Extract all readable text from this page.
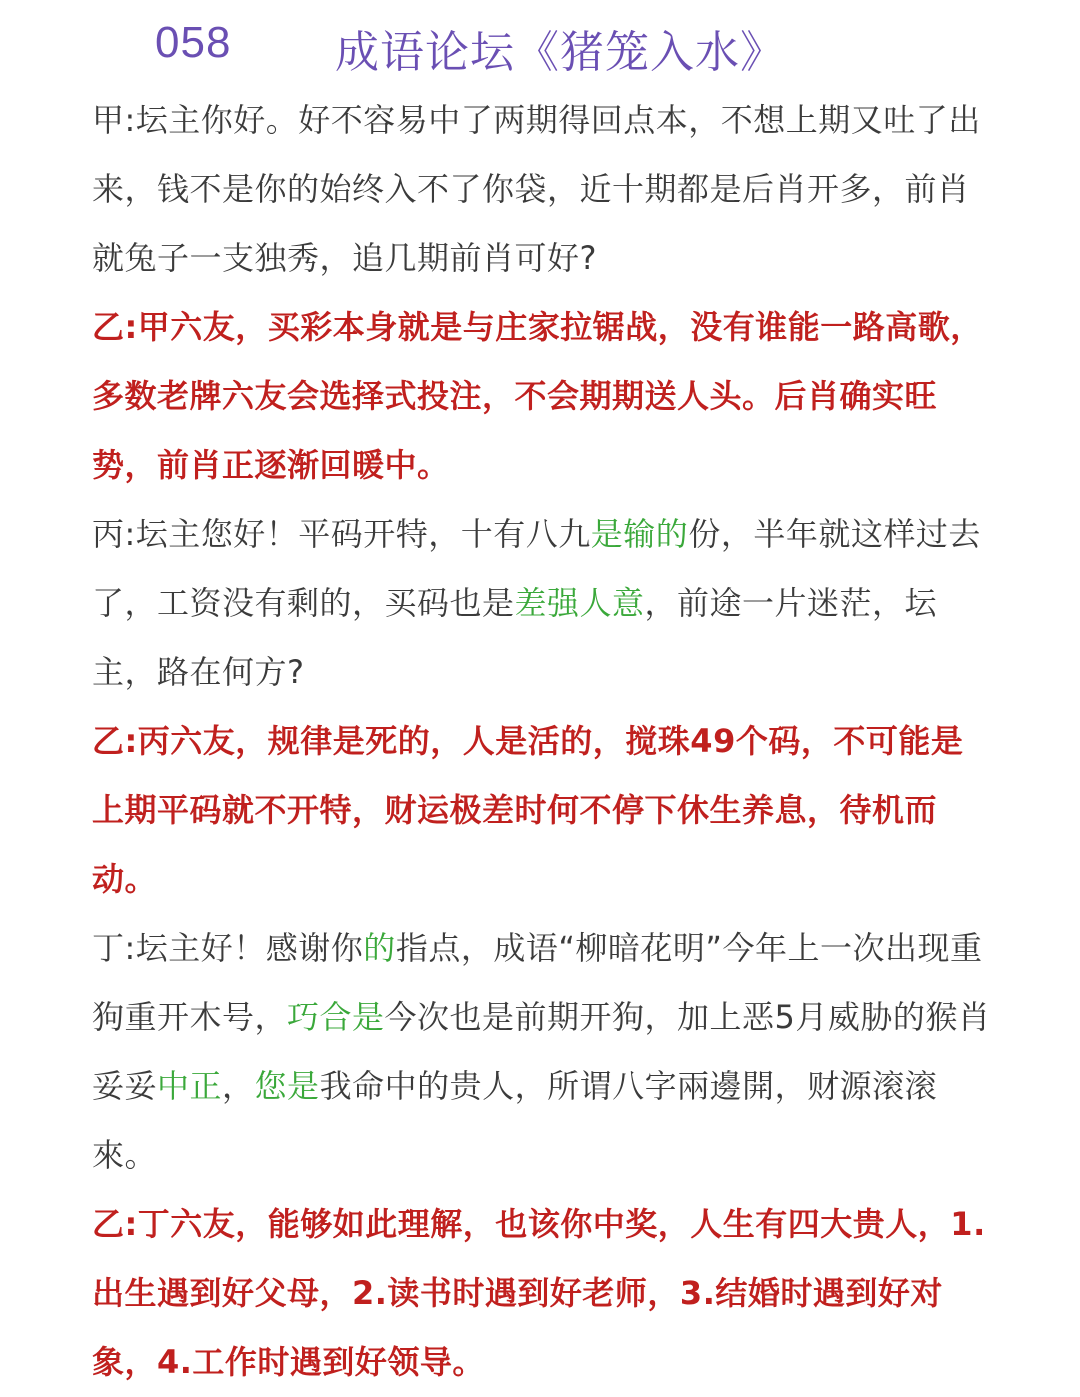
058 成语论坛《猪笼入水》

甲:坛主你好。好不容易中了两期得回点本，不想上期又吐了出来，钱不是你的始终入不了你袋，近十期都是后肖开多，前肖就兔子一支独秀，追几期前肖可好?

乙:甲六友，买彩本身就是与庄家拉锯战，没有谁能一路高歌，多数老牌六友会选择式投注，不会期期送人头。后肖确实旺势，前肖正逐渐回暖中。

丙:坛主您好！平码开特，十有八九是输的份，半年就这样过去了，工资没有剩的，买码也是差强人意，前途一片迷茫，坛主，路在何方?

乙:丙六友，规律是死的，人是活的，搅珠49个码，不可能是上期平码就不开特，财运极差时何不停下休生养息，待机而动。

丁:坛主好！感谢你的指点，成语“柳暗花明”今年上一次出现重狗重开木号，巧合是今次也是前期开狗，加上恶5月威胁的猴肖妥妥中正，您是我命中的贵人，所谓八字兩邊開，财源滚滚來。

乙:丁六友，能够如此理解，也该你中奖，人生有四大贵人，1.出生遇到好父母，2.读书时遇到好老师，3.结婚时遇到好对象，4.工作时遇到好领导。
